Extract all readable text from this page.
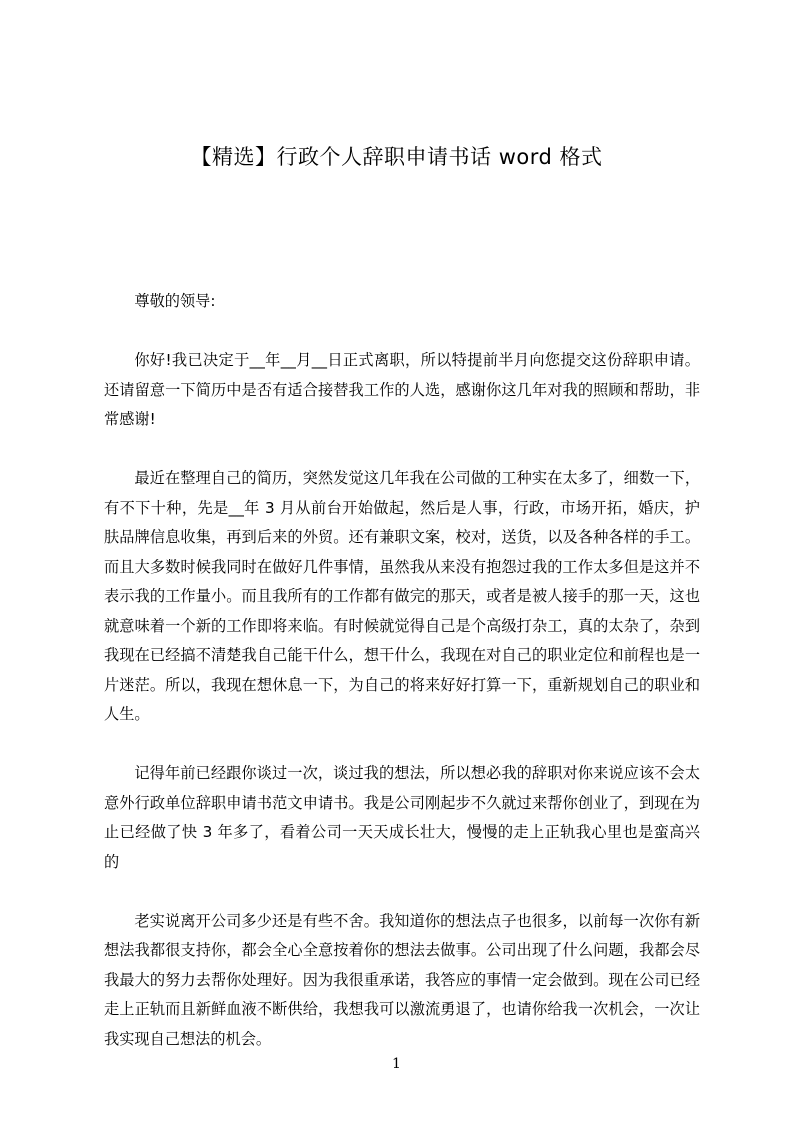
【精选】行政个人辞职申请书话 word 格式

尊敬的领导:

你好!我已决定于__年__月__日正式离职，所以特提前半月向您提交这份辞职申请。还请留意一下简历中是否有适合接替我工作的人选，感谢你这几年对我的照顾和帮助，非常感谢!

最近在整理自己的简历，突然发觉这几年我在公司做的工种实在太多了，细数一下，有不下十种，先是__年 3 月从前台开始做起，然后是人事，行政，市场开拓，婚庆，护肤品牌信息收集，再到后来的外贸。还有兼职文案，校对，送货，以及各种各样的手工。而且大多数时候我同时在做好几件事情，虽然我从来没有抱怨过我的工作太多但是这并不表示我的工作量小。而且我所有的工作都有做完的那天，或者是被人接手的那一天，这也就意味着一个新的工作即将来临。有时候就觉得自己是个高级打杂工，真的太杂了，杂到我现在已经搞不清楚我自己能干什么，想干什么，我现在对自己的职业定位和前程也是一片迷茫。所以，我现在想休息一下，为自己的将来好好打算一下，重新规划自己的职业和人生。

记得年前已经跟你谈过一次，谈过我的想法，所以想必我的辞职对你来说应该不会太意外行政单位辞职申请书范文申请书。我是公司刚起步不久就过来帮你创业了，到现在为止已经做了快 3 年多了，看着公司一天天成长壮大，慢慢的走上正轨我心里也是蛮高兴的

老实说离开公司多少还是有些不舍。我知道你的想法点子也很多，以前每一次你有新想法我都很支持你，都会全心全意按着你的想法去做事。公司出现了什么问题，我都会尽我最大的努力去帮你处理好。因为我很重承诺，我答应的事情一定会做到。现在公司已经走上正轨而且新鲜血液不断供给，我想我可以激流勇退了，也请你给我一次机会，一次让我实现自己想法的机会。

1
